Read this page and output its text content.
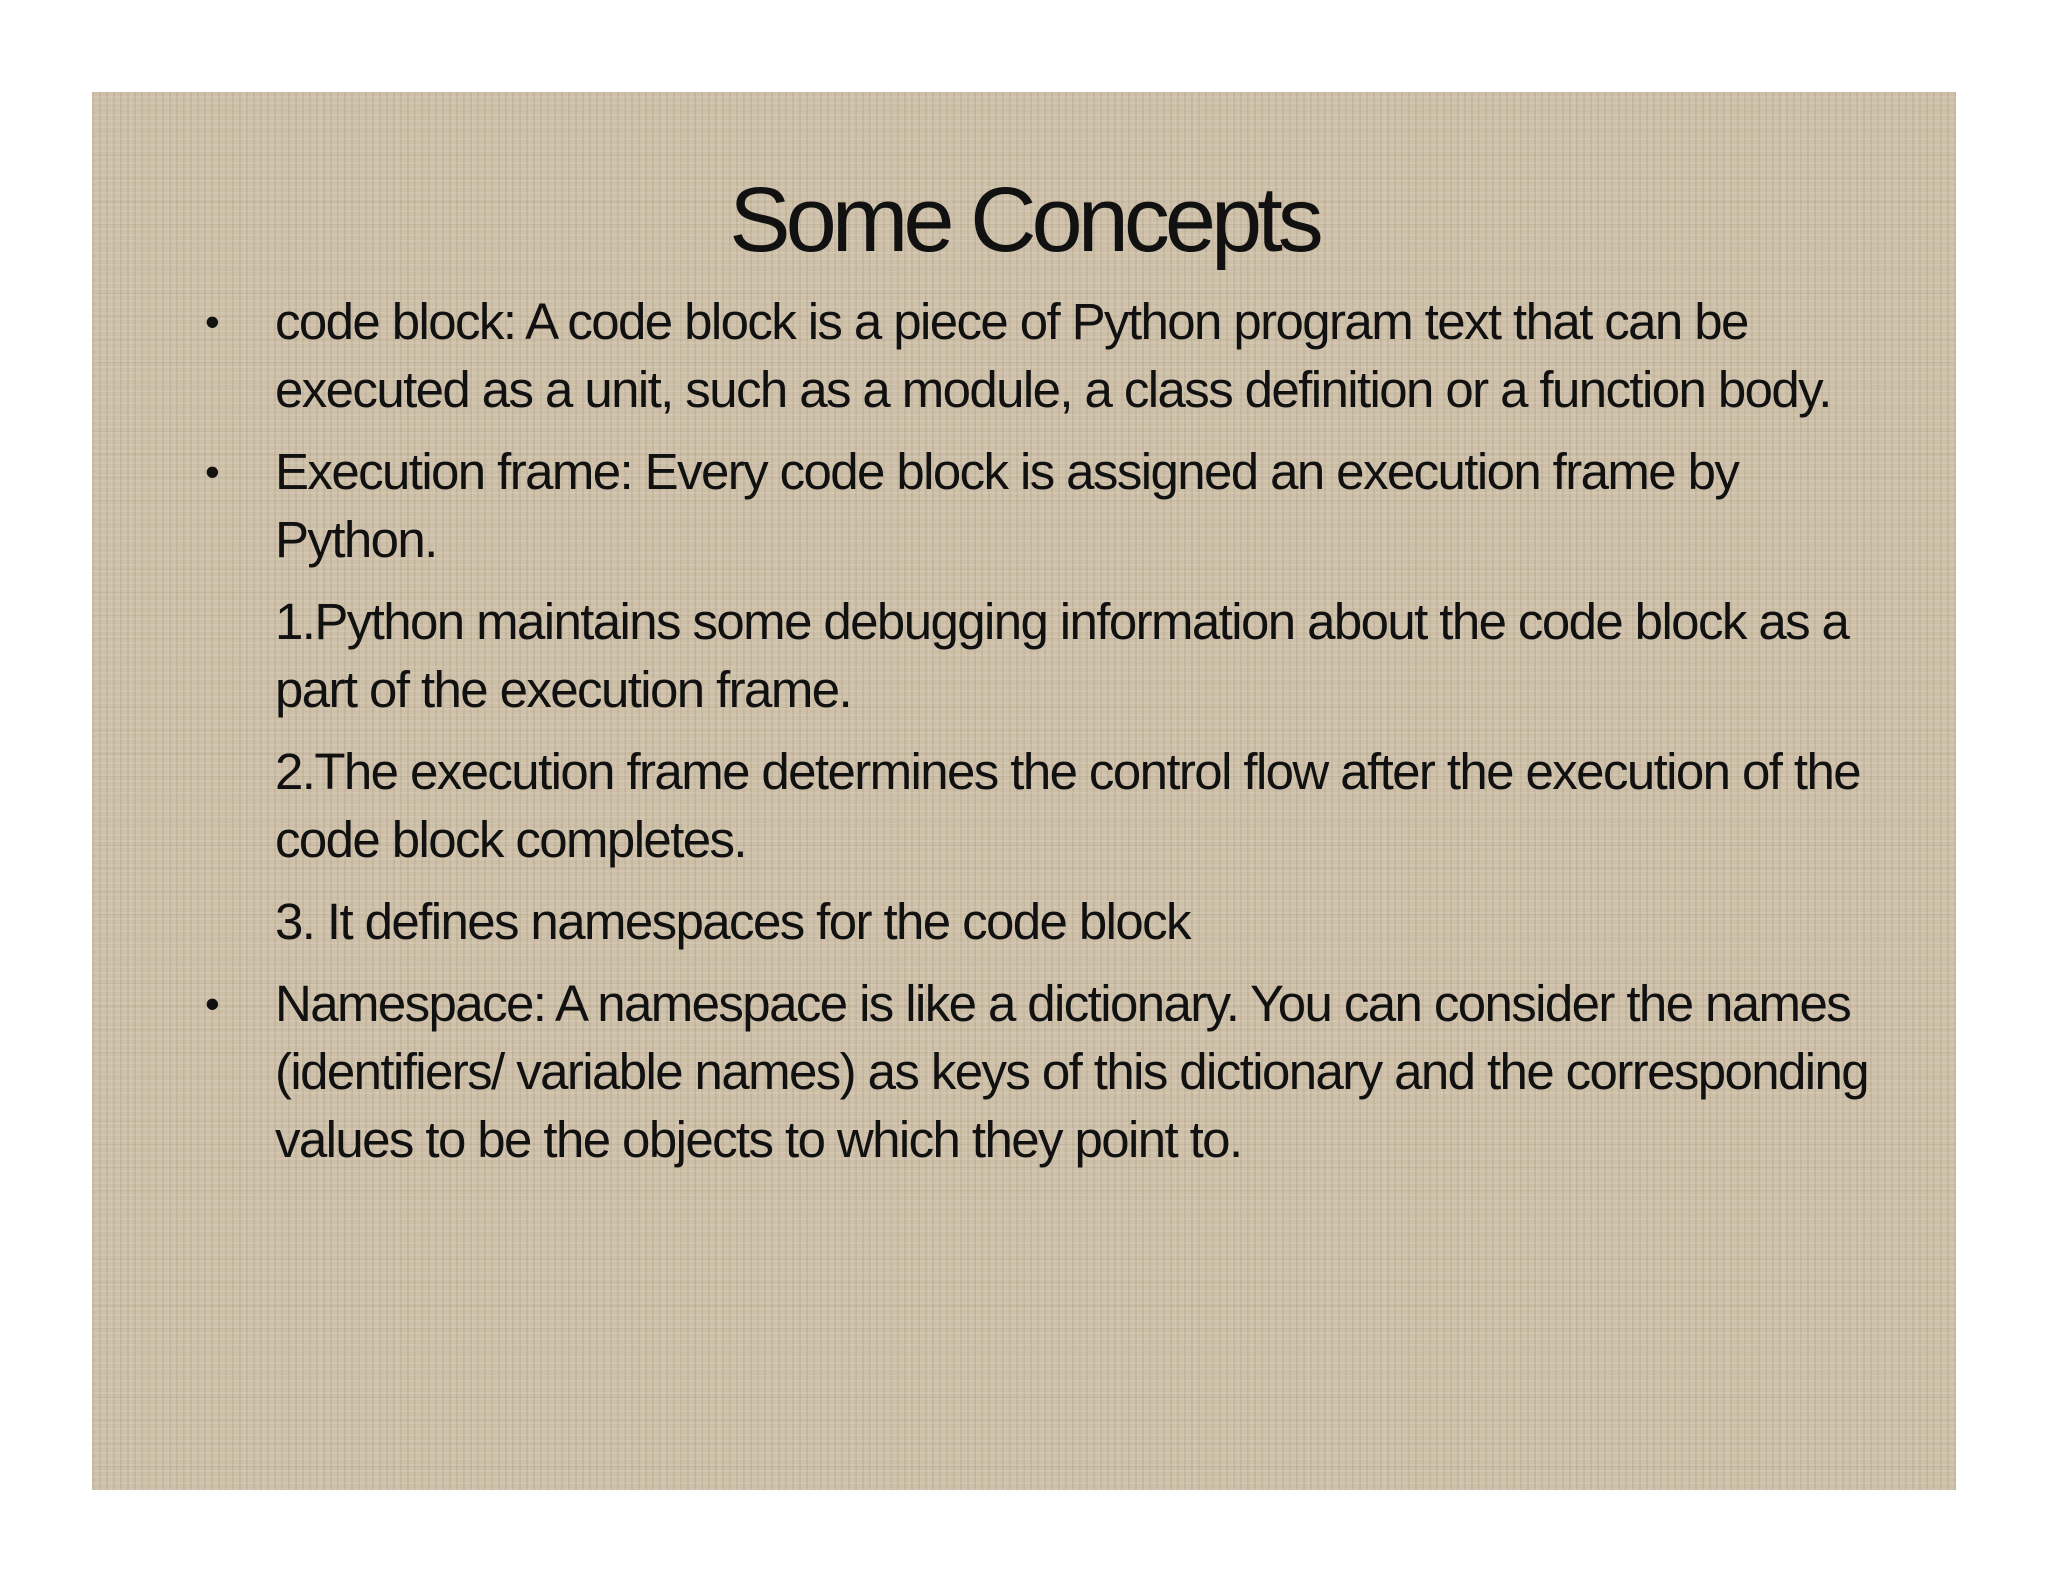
Some Concepts
• code block: A code block is a piece of Python program text that can be executed as a unit, such as a module, a class definition or a function body.
• Execution frame: Every code block is assigned an execution frame by Python.
1.Python maintains some debugging information about the code block as a part of the execution frame.
2.The execution frame determines the control flow after the execution of the code block completes.
3. It defines namespaces for the code block
• Namespace: A namespace is like a dictionary. You can consider the names (identifiers/ variable names) as keys of this dictionary and the corresponding values to be the objects to which they point to.
